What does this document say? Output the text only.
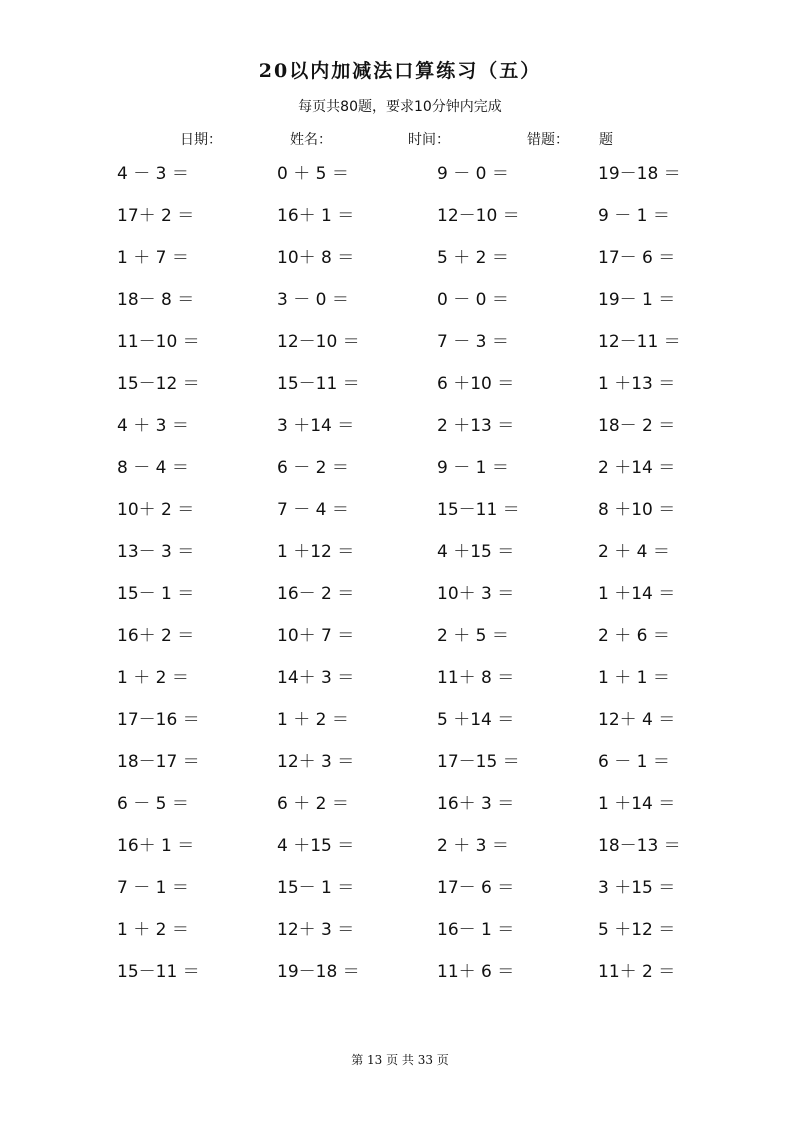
20以内加减法口算练习（五）
每页共80题，要求10分钟内完成
日期：	姓名：	时间：	错题： 题
4 － 3 ＝	0 ＋ 5 ＝	9 － 0 ＝	19－18 ＝
17＋ 2 ＝	16＋ 1 ＝	12－10 ＝	9 － 1 ＝
1 ＋ 7 ＝	10＋ 8 ＝	5 ＋ 2 ＝	17－ 6 ＝
18－ 8 ＝	3 － 0 ＝	0 － 0 ＝	19－ 1 ＝
11－10 ＝	12－10 ＝	7 － 3 ＝	12－11 ＝
15－12 ＝	15－11 ＝	6 ＋10 ＝	1 ＋13 ＝
4 ＋ 3 ＝	3 ＋14 ＝	2 ＋13 ＝	18－ 2 ＝
8 － 4 ＝	6 － 2 ＝	9 － 1 ＝	2 ＋14 ＝
10＋ 2 ＝	7 － 4 ＝	15－11 ＝	8 ＋10 ＝
13－ 3 ＝	1 ＋12 ＝	4 ＋15 ＝	2 ＋ 4 ＝
15－ 1 ＝	16－ 2 ＝	10＋ 3 ＝	1 ＋14 ＝
16＋ 2 ＝	10＋ 7 ＝	2 ＋ 5 ＝	2 ＋ 6 ＝
1 ＋ 2 ＝	14＋ 3 ＝	11＋ 8 ＝	1 ＋ 1 ＝
17－16 ＝	1 ＋ 2 ＝	5 ＋14 ＝	12＋ 4 ＝
18－17 ＝	12＋ 3 ＝	17－15 ＝	6 － 1 ＝
6 － 5 ＝	6 ＋ 2 ＝	16＋ 3 ＝	1 ＋14 ＝
16＋ 1 ＝	4 ＋15 ＝	2 ＋ 3 ＝	18－13 ＝
7 － 1 ＝	15－ 1 ＝	17－ 6 ＝	3 ＋15 ＝
1 ＋ 2 ＝	12＋ 3 ＝	16－ 1 ＝	5 ＋12 ＝
15－11 ＝	19－18 ＝	11＋ 6 ＝	11＋ 2 ＝
第 13 页 共 33 页
